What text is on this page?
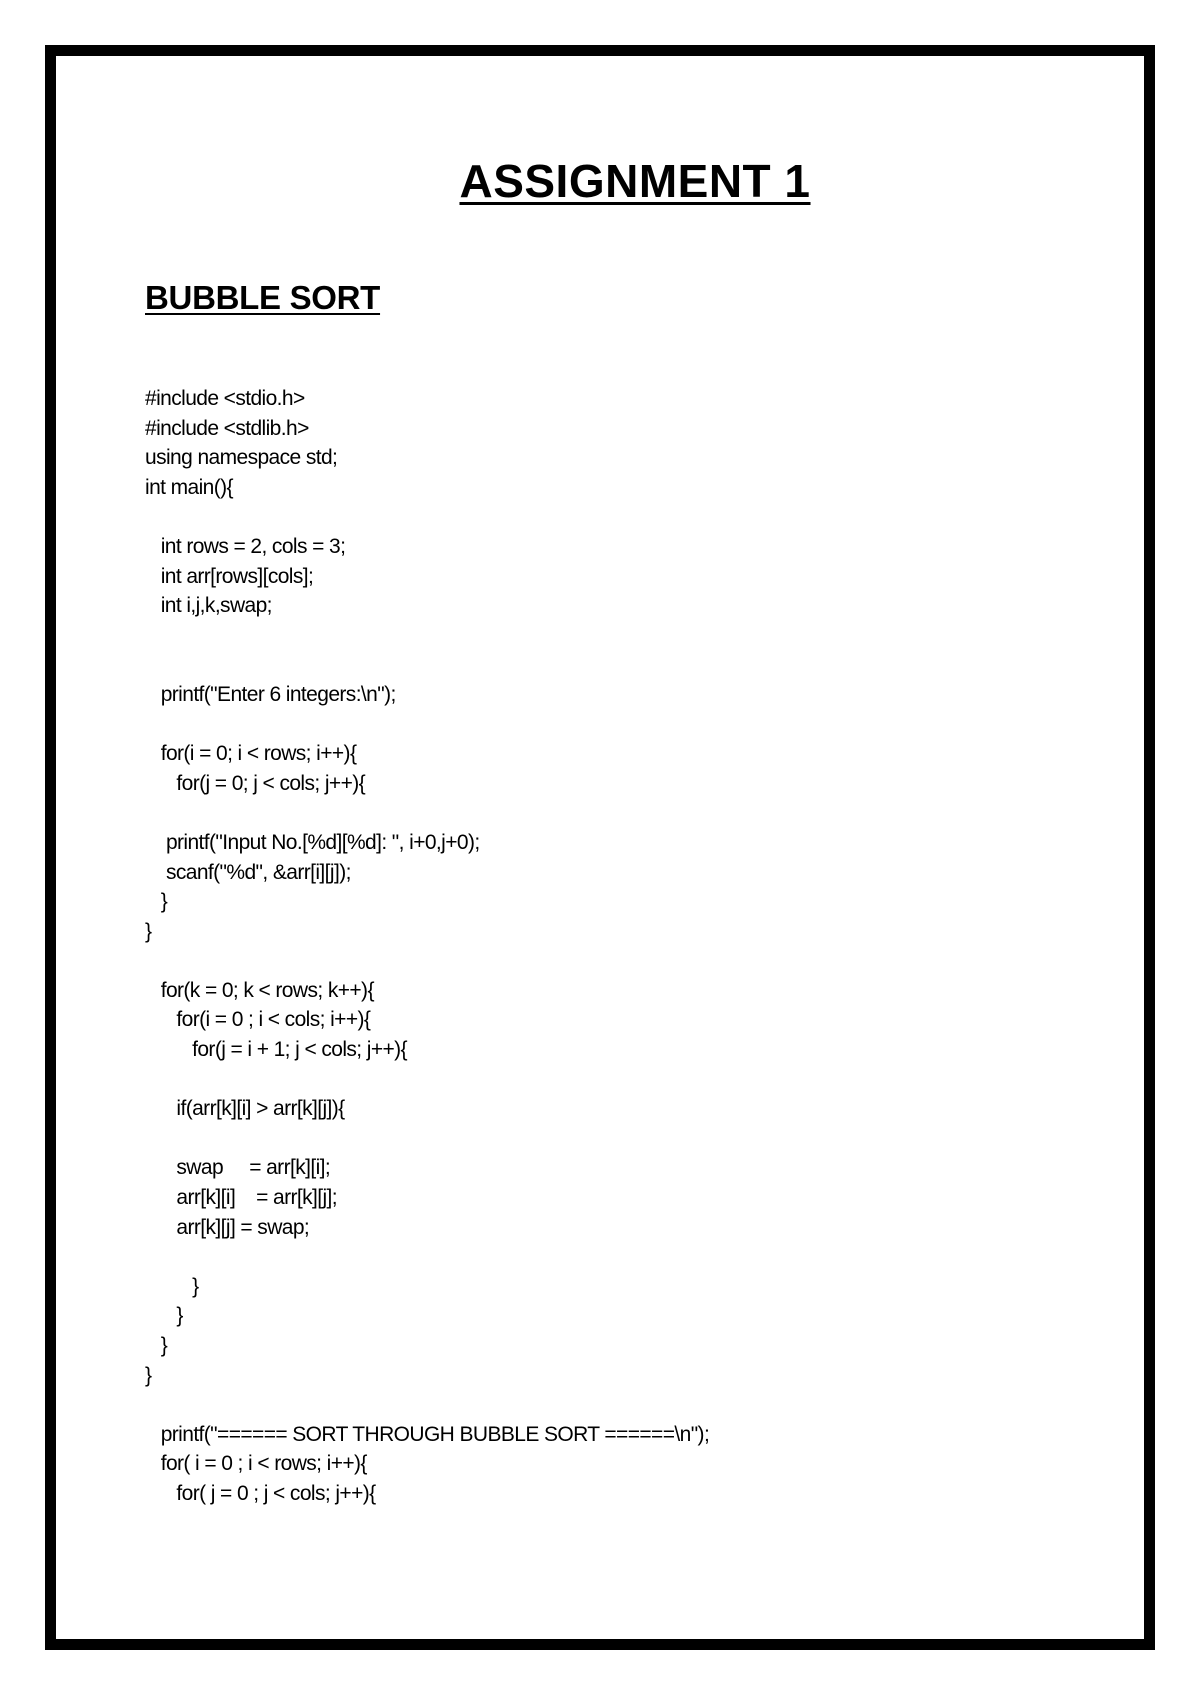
ASSIGNMENT 1
BUBBLE SORT
#include <stdio.h>
#include <stdlib.h>
using namespace std;
int main(){
int rows = 2, cols = 3;
int arr[rows][cols];
int i,j,k,swap;
printf("Enter 6 integers:\n");
for(i = 0; i < rows; i++){
for(j = 0; j < cols; j++){
printf("Input No.[%d][%d]: ", i+0,j+0);
scanf("%d", &arr[i][j]);
}
}
for(k = 0; k < rows; k++){
for(i = 0 ; i < cols; i++){
for(j = i + 1; j < cols; j++){
if(arr[k][i] > arr[k][j]){
swap     = arr[k][i];
arr[k][i]    = arr[k][j];
arr[k][j] = swap;
}
}
}
}
printf("====== SORT THROUGH BUBBLE SORT ======\n");
for( i = 0 ; i < rows; i++){
for( j = 0 ; j < cols; j++){
